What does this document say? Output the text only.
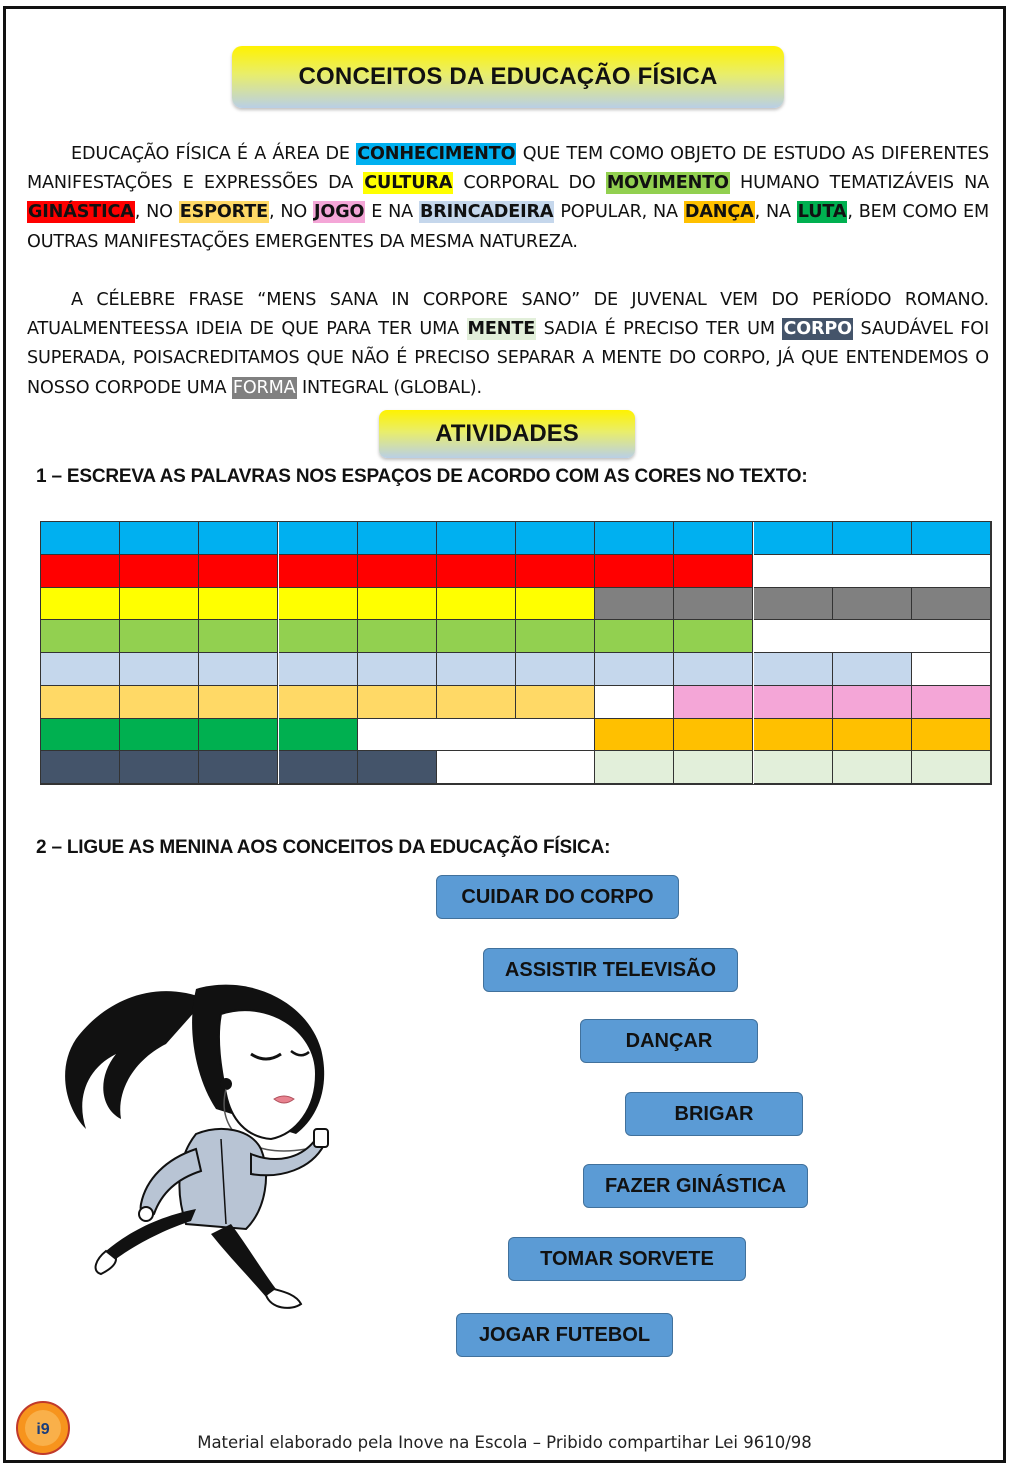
CONCEITOS DA EDUCAÇÃO FÍSICA

EDUCAÇÃO FÍSICA É A ÁREA DE CONHECIMENTO QUE TEM COMO OBJETO DE ESTUDO AS DIFERENTES MANIFESTAÇÕES E EXPRESSÕES DA CULTURA CORPORAL DO MOVIMENTO HUMANO TEMATIZÁVEIS NA GINÁSTICA, NO ESPORTE, NO JOGO E NA BRINCADEIRA POPULAR, NA DANÇA, NA LUTA, BEM COMO EM OUTRAS MANIFESTAÇÕES EMERGENTES DA MESMA NATUREZA.

A CÉLEBRE FRASE “MENS SANA IN CORPORE SANO” DE JUVENAL VEM DO PERÍODO ROMANO. ATUALMENTEESSA IDEIA DE QUE PARA TER UMA MENTE SADIA É PRECISO TER UM CORPO SAUDÁVEL FOI SUPERADA, POISACREDITAMOS QUE NÃO É PRECISO SEPARAR A MENTE DO CORPO, JÁ QUE ENTENDEMOS O NOSSO CORPODE UMA FORMA INTEGRAL (GLOBAL).

ATIVIDADES
1 – ESCREVA AS PALAVRAS NOS ESPAÇOS DE ACORDO COM AS CORES NO TEXTO:
2 – LIGUE AS MENINA AOS CONCEITOS DA EDUCAÇÃO FÍSICA:
CUIDAR DO CORPO
ASSISTIR TELEVISÃO
DANÇAR
BRIGAR
FAZER GINÁSTICA
TOMAR SORVETE
JOGAR FUTEBOL
i9
Material elaborado pela Inove na Escola – Pribido compartihar Lei 9610/98
